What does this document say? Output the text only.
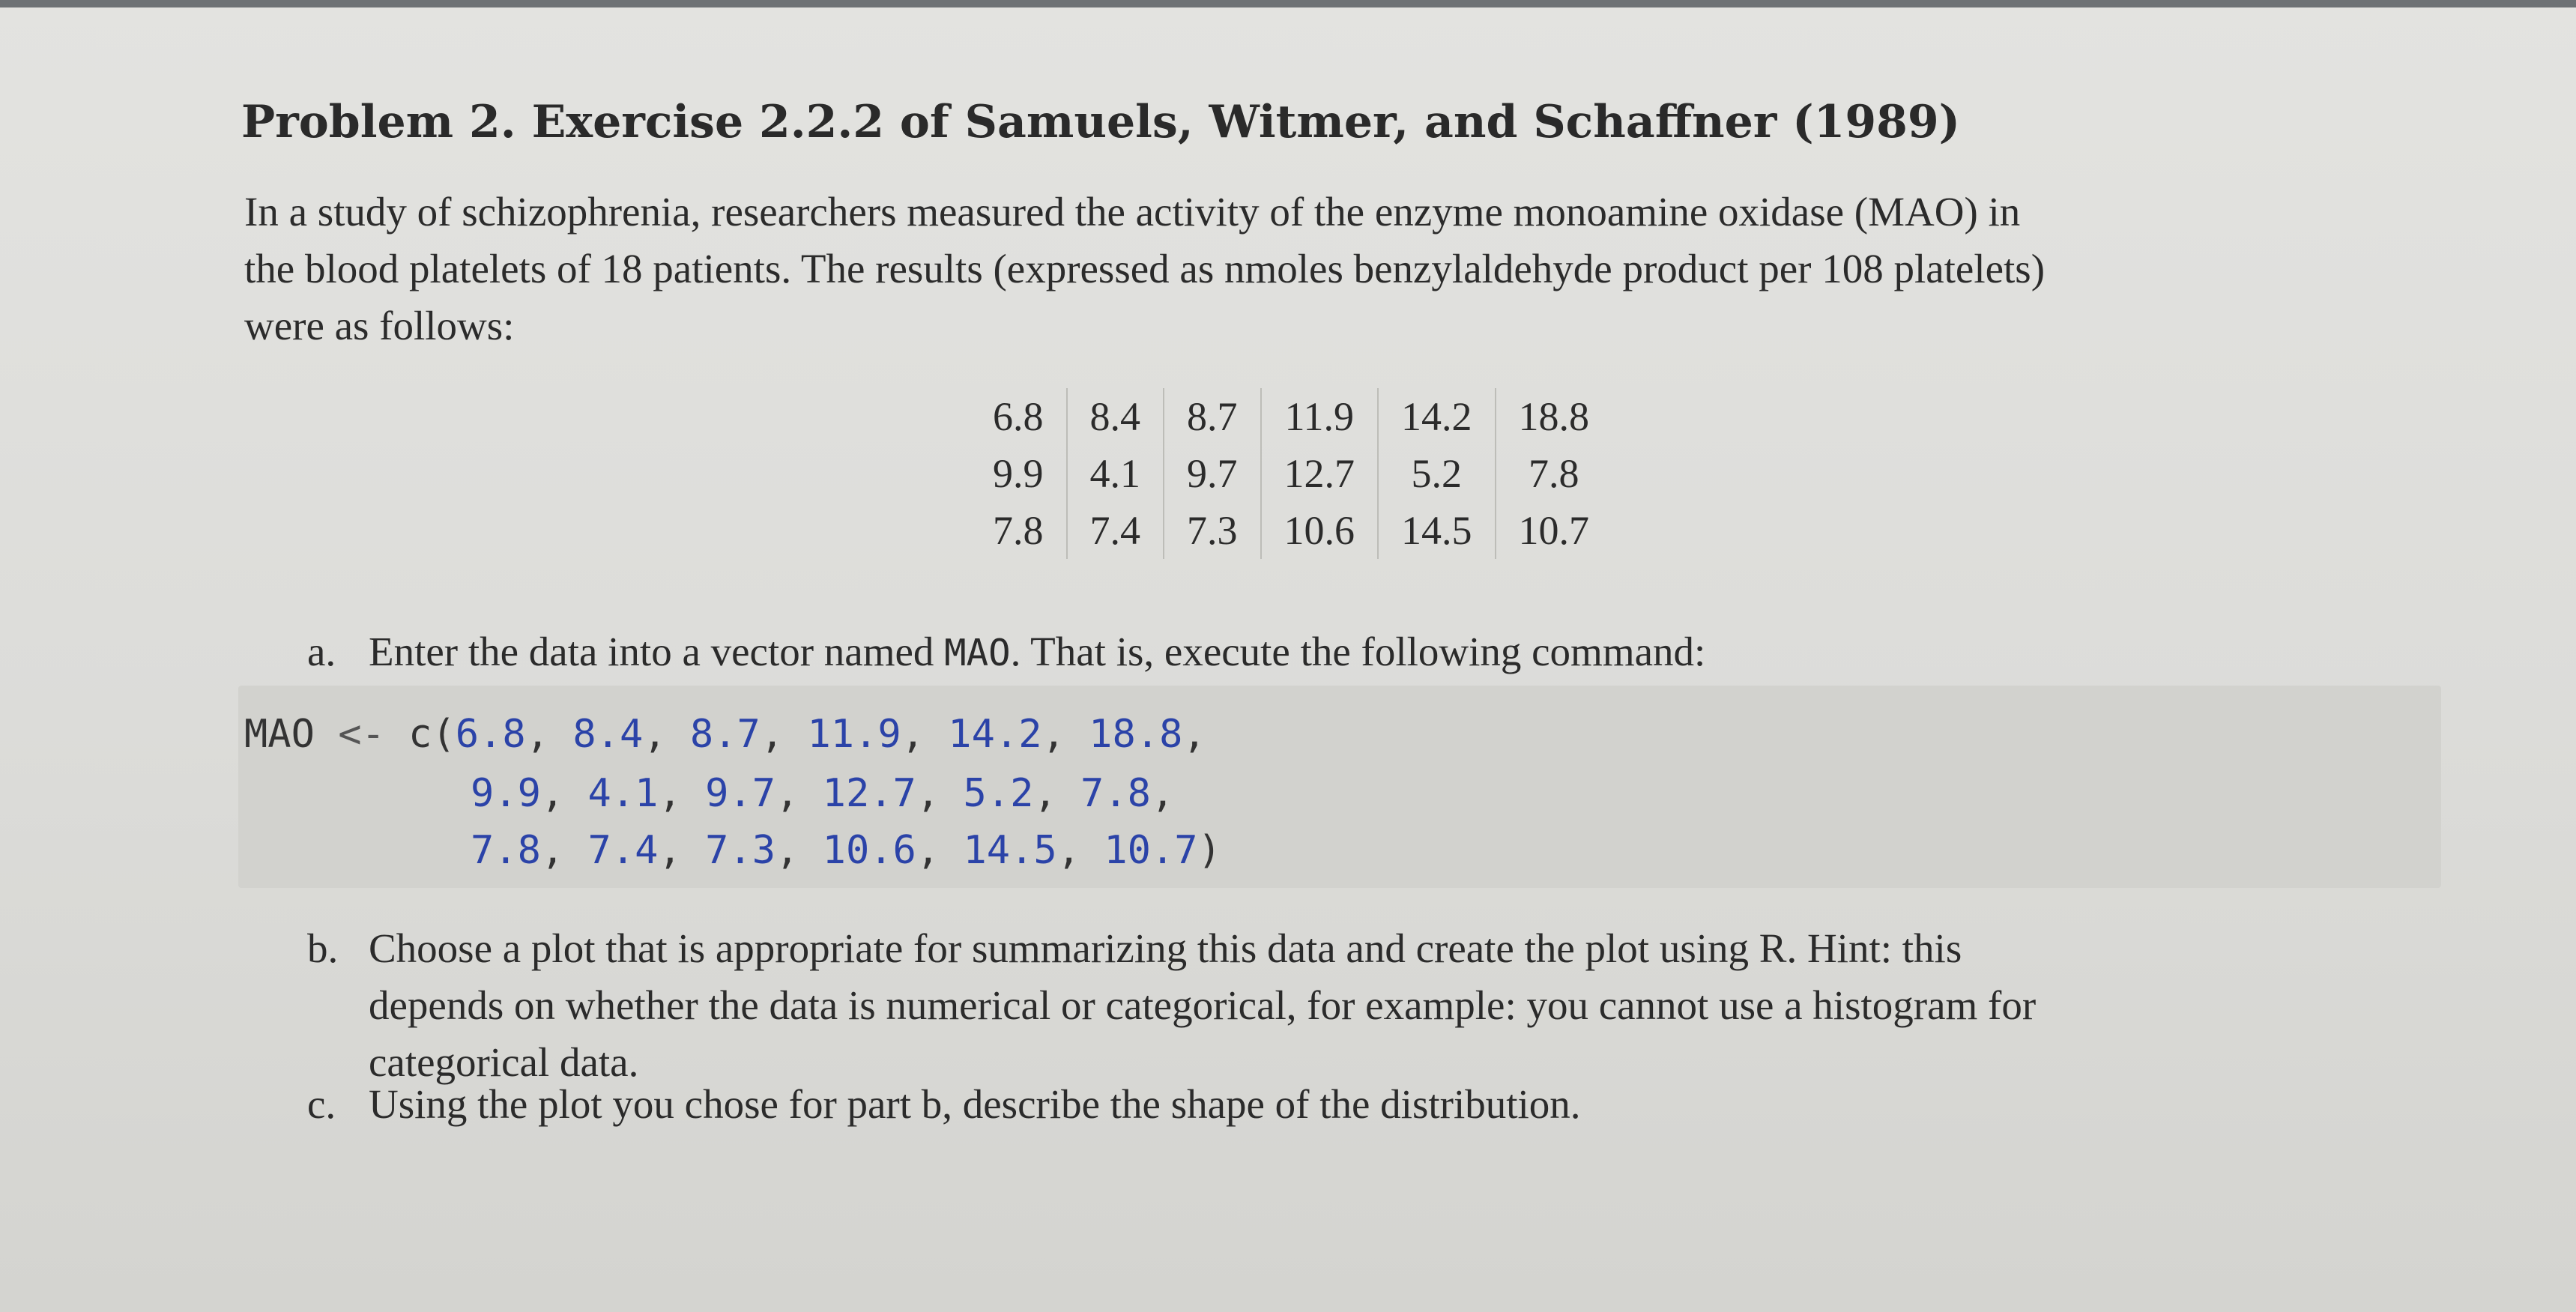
Problem 2. Exercise 2.2.2 of Samuels, Witmer, and Schaffner (1989)
In a study of schizophrenia, researchers measured the activity of the enzyme monoamine oxidase (MAO) in
the blood platelets of 18 patients. The results (expressed as nmoles benzylaldehyde product per 108 platelets)
were as follows:
6.8	8.4	8.7	11.9	14.2	18.8
9.9	4.1	9.7	12.7	5.2	7.8
7.8	7.4	7.3	10.6	14.5	10.7
a. Enter the data into a vector named MAO. That is, execute the following command:
MAO <- c(6.8, 8.4, 8.7, 11.9, 14.2, 18.8,
9.9, 4.1, 9.7, 12.7, 5.2, 7.8,
7.8, 7.4, 7.3, 10.6, 14.5, 10.7)
b. Choose a plot that is appropriate for summarizing this data and create the plot using R. Hint: this
depends on whether the data is numerical or categorical, for example: you cannot use a histogram for
categorical data.
c. Using the plot you chose for part b, describe the shape of the distribution.
